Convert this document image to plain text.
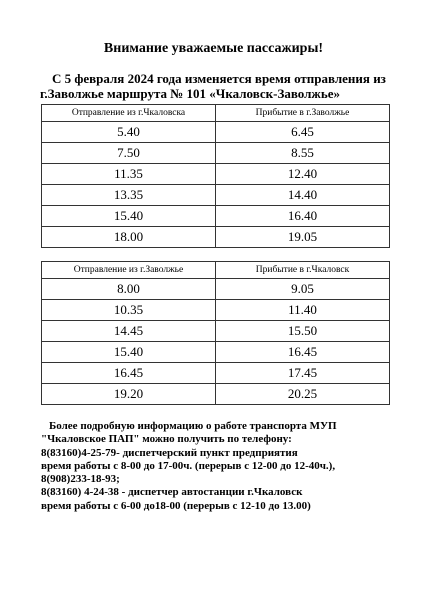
Внимание уважаемые пассажиры!
С 5 февраля 2024 года изменяется время отправления из
г.Заволжье маршрута № 101 «Чкаловск-Заволжье»
Отправление из г.Чкаловска	Прибытие в г.Заволжье
5.40	6.45
7.50	8.55
11.35	12.40
13.35	14.40
15.40	16.40
18.00	19.05
Отправление из г.Заволжье	Прибытие в г.Чкаловск
8.00	9.05
10.35	11.40
14.45	15.50
15.40	16.45
16.45	17.45
19.20	20.25
Более подробную информацию о работе транспорта МУП
"Чкаловское ПАП" можно получить по телефону:
8(83160)4-25-79- диспетчерский пункт предприятия
время работы с 8-00 до 17-00ч. (перерыв с 12-00 до 12-40ч.),
8(908)233-18-93;
8(83160) 4-24-38 - диспетчер автостанции г.Чкаловск
время работы с 6-00 до18-00 (перерыв с 12-10 до 13.00)
